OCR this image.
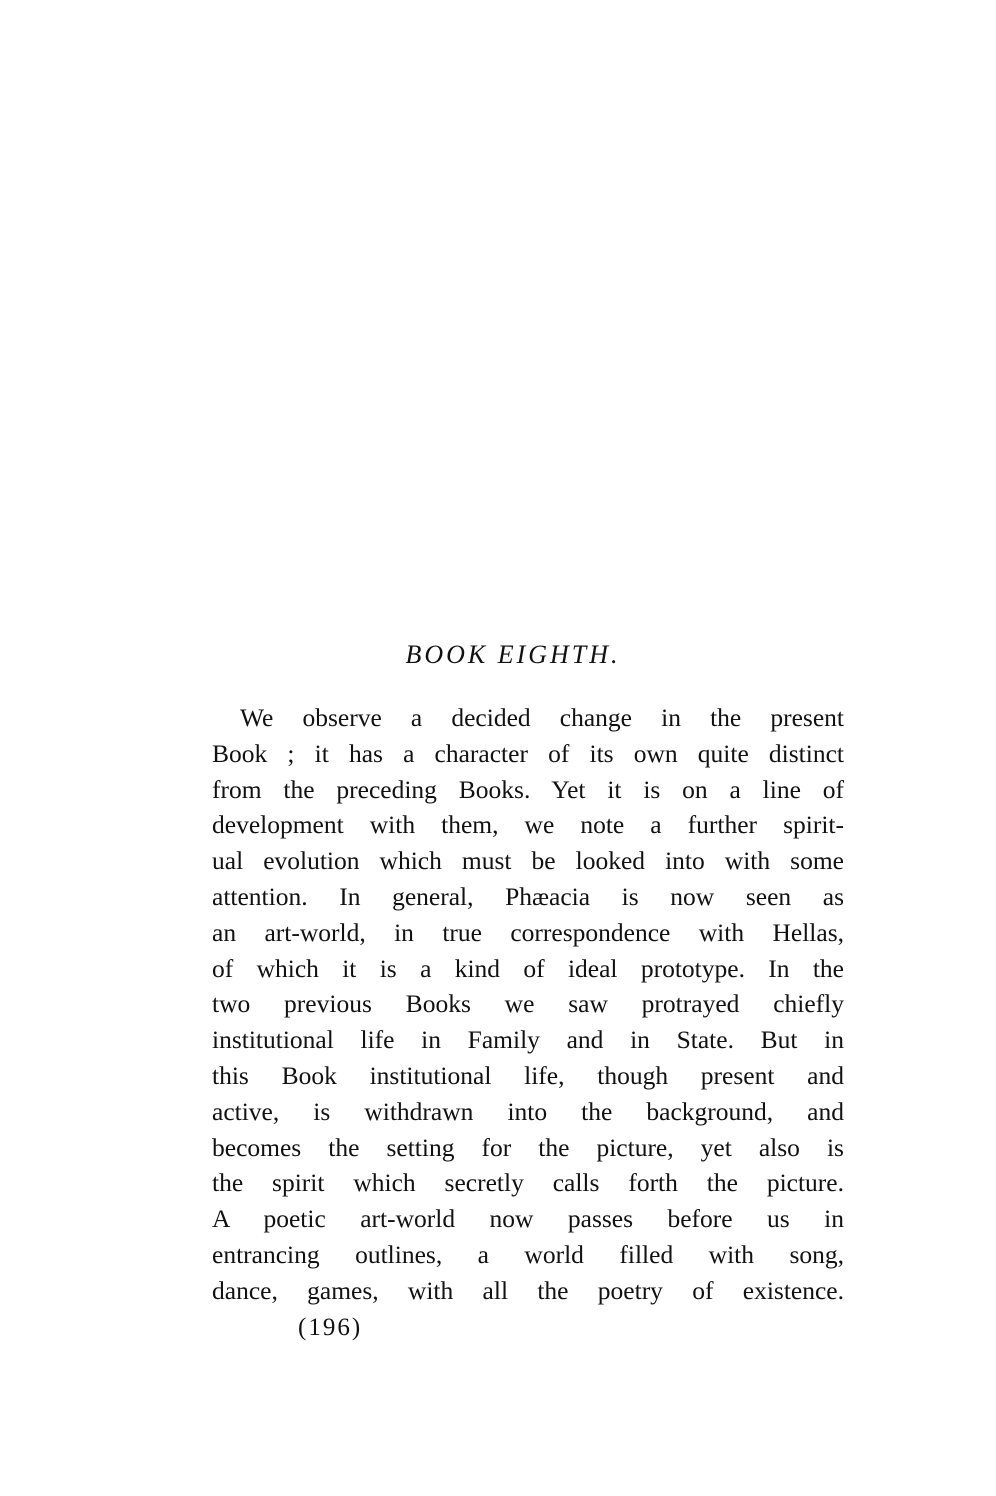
BOOK EIGHTH.
We observe a decided change in the present
Book ; it has a character of its own quite distinct
from the preceding Books. Yet it is on a line of
development with them, we note a further spirit-
ual evolution which must be looked into with some
attention. In general, Phæacia is now seen as
an art-world, in true correspondence with Hellas,
of which it is a kind of ideal prototype. In the
two previous Books we saw protrayed chiefly
institutional life in Family and in State. But in
this Book institutional life, though present and
active, is withdrawn into the background, and
becomes the setting for the picture, yet also is
the spirit which secretly calls forth the picture.
A poetic art-world now passes before us in
entrancing outlines, a world filled with song,
dance, games, with all the poetry of existence.
(196)
